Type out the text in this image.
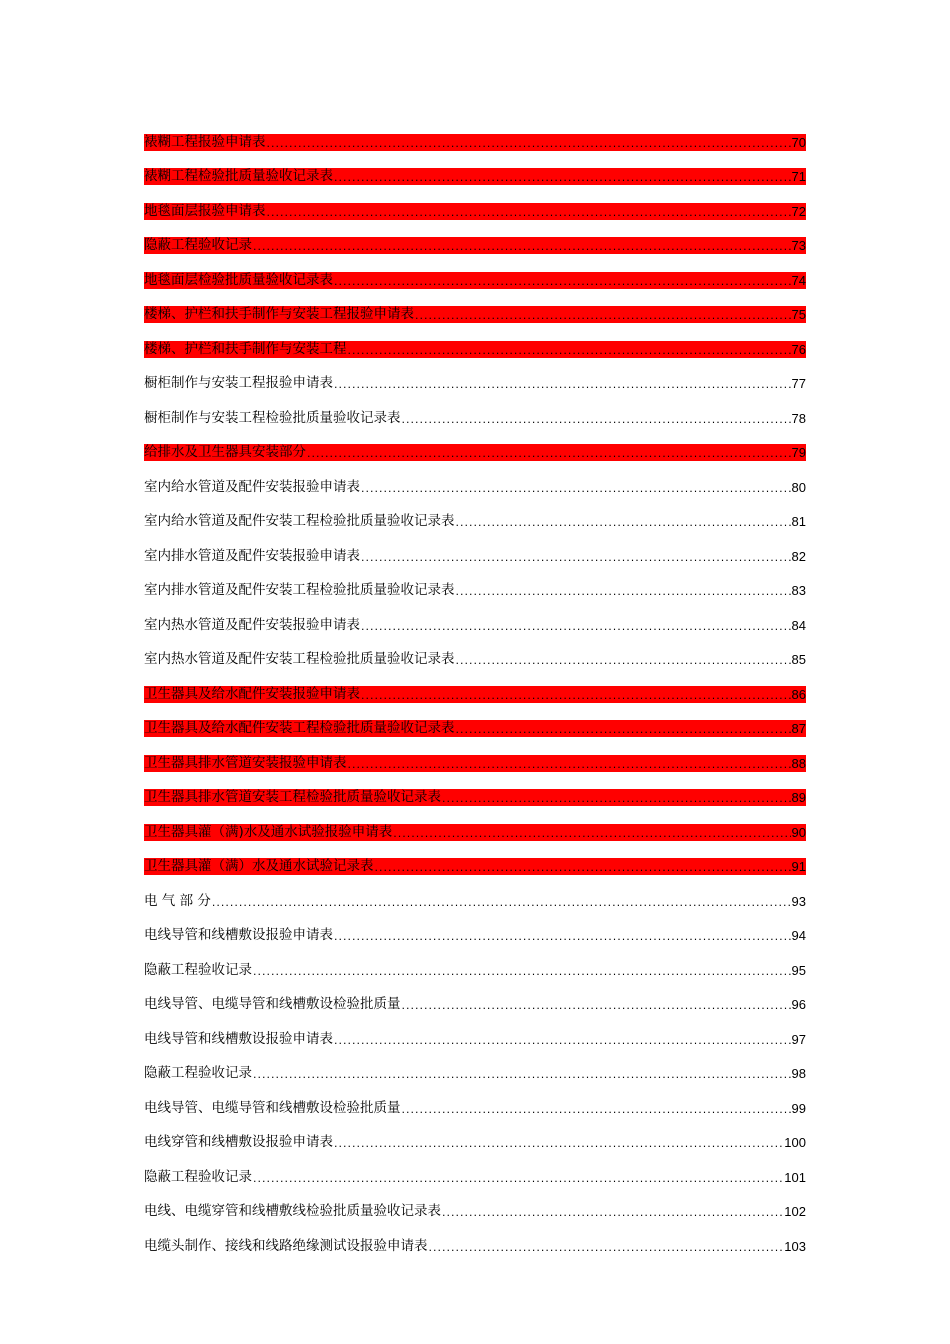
裱糊工程报验申请表 .....	70
裱糊工程检验批质量验收记录表 .....	71
地毯面层报验申请表 .....	72
隐蔽工程验收记录 .....	73
地毯面层检验批质量验收记录表 .....	74
楼梯、护栏和扶手制作与安装工程报验申请表 .....	75
楼梯、护栏和扶手制作与安装工程 .....	76
橱柜制作与安装工程报验申请表 .....	77
橱柜制作与安装工程检验批质量验收记录表 .....	78
给排水及卫生器具安装部分 .....	79
室内给水管道及配件安装报验申请表 .....	80
室内给水管道及配件安装工程检验批质量验收记录表 .....	81
室内排水管道及配件安装报验申请表 .....	82
室内排水管道及配件安装工程检验批质量验收记录表 .....	83
室内热水管道及配件安装报验申请表 .....	84
室内热水管道及配件安装工程检验批质量验收记录表 .....	85
卫生器具及给水配件安装报验申请表 .....	86
卫生器具及给水配件安装工程检验批质量验收记录表 .....	87
卫生器具排水管道安装报验申请表 .....	88
卫生器具排水管道安装工程检验批质量验收记录表 .....	89
卫生器具灌（满)水及通水试验报验申请表 .....	90
卫生器具灌（满）水及通水试验记录表 .....	91
电 气 部 分 .....	93
电线导管和线槽敷设报验申请表 .....	94
隐蔽工程验收记录 .....	95
电线导管、电缆导管和线槽敷设检验批质量 .....	96
电线导管和线槽敷设报验申请表 .....	97
隐蔽工程验收记录 .....	98
电线导管、电缆导管和线槽敷设检验批质量 .....	99
电线穿管和线槽敷设报验申请表 .....	100
隐蔽工程验收记录 .....	101
电线、电缆穿管和线槽敷线检验批质量验收记录表 .....	102
电缆头制作、接线和线路绝缘测试设报验申请表 .....	103
